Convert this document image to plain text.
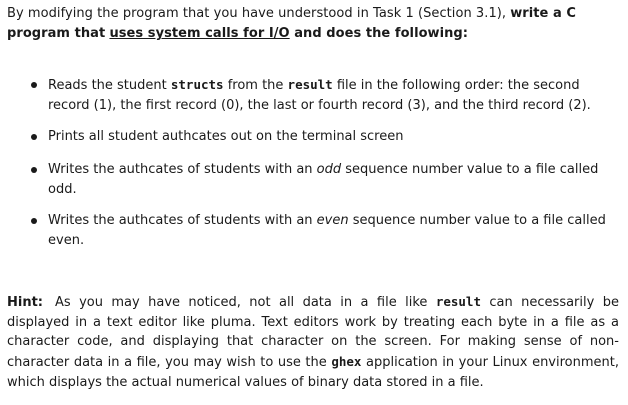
By modifying the program that you have understood in Task 1 (Section 3.1), write a C program that uses system calls for I/O and does the following:

Reads the student structs from the result file in the following order: the second record (1), the first record (0), the last or fourth record (3), and the third record (2).
Prints all student authcates out on the terminal screen
Writes the authcates of students with an odd sequence number value to a file called odd.
Writes the authcates of students with an even sequence number value to a file called even.

Hint: As you may have noticed, not all data in a file like result can necessarily be displayed in a text editor like pluma. Text editors work by treating each byte in a file as a character code, and displaying that character on the screen. For making sense of non-character data in a file, you may wish to use the ghex application in your Linux environment, which displays the actual numerical values of binary data stored in a file.
